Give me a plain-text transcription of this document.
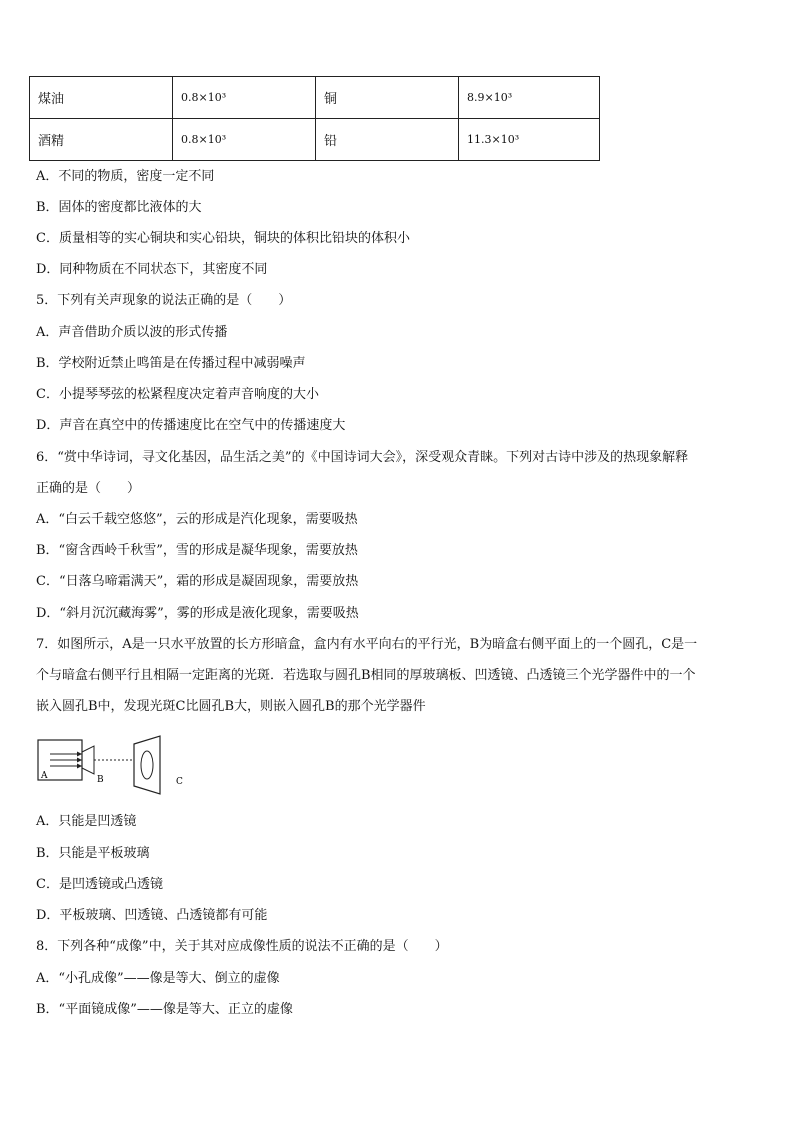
煤油	0.8×10³	铜	8.9×10³
酒精	0.8×10³	铅	11.3×10³
A．不同的物质，密度一定不同
B．固体的密度都比液体的大
C．质量相等的实心铜块和实心铅块，铜块的体积比铅块的体积小
D．同种物质在不同状态下，其密度不同
5．下列有关声现象的说法正确的是（　　）
A．声音借助介质以波的形式传播
B．学校附近禁止鸣笛是在传播过程中减弱噪声
C．小提琴琴弦的松紧程度决定着声音响度的大小
D．声音在真空中的传播速度比在空气中的传播速度大
6．“赏中华诗词，寻文化基因，品生活之美”的《中国诗词大会》，深受观众青睐。下列对古诗中涉及的热现象解释
正确的是（　　）
A．“白云千载空悠悠”，云的形成是汽化现象，需要吸热
B．“窗含西岭千秋雪”，雪的形成是凝华现象，需要放热
C．“日落乌啼霜满天”，霜的形成是凝固现象，需要放热
D．“斜月沉沉藏海雾”，雾的形成是液化现象，需要吸热
7．如图所示，A是一只水平放置的长方形暗盒，盒内有水平向右的平行光，B为暗盒右侧平面上的一个圆孔，C是一
个与暗盒右侧平行且相隔一定距离的光斑．若选取与圆孔B相同的厚玻璃板、凹透镜、凸透镜三个光学器件中的一个
嵌入圆孔B中，发现光斑C比圆孔B大，则嵌入圆孔B的那个光学器件
A	B	C
A．只能是凹透镜
B．只能是平板玻璃
C．是凹透镜或凸透镜
D．平板玻璃、凹透镜、凸透镜都有可能
8．下列各种“成像”中，关于其对应成像性质的说法不正确的是（　　）
A．“小孔成像”——像是等大、倒立的虚像
B．“平面镜成像”——像是等大、正立的虚像
